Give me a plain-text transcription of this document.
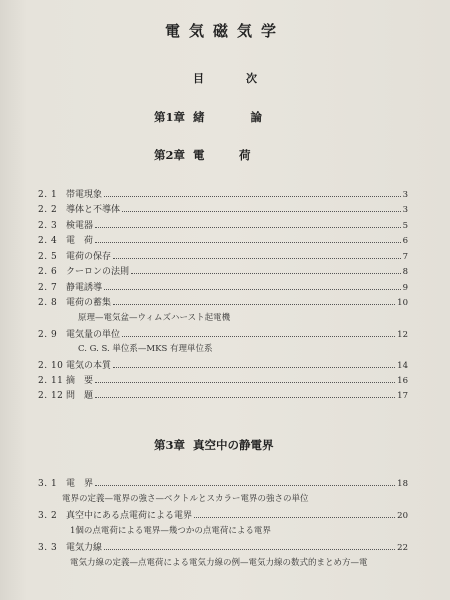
電気磁気学
目次
第1章 緒　　　　論
第2章 電　　　荷
2. 1 帯電現象	3
2. 2 導体と不導体	3
2. 3 検電器	5
2. 4 電　荷	6
2. 5 電荷の保存	7
2. 6 クーロンの法則	8
2. 7 静電誘導	9
2. 8 電荷の蓄集	10
原理—電気盆—ウィムズハースト起電機
2. 9 電気量の単位	12
C. G. S. 単位系—MKS 有理単位系
2. 10 電気の本質	14
2. 11 摘　要	16
2. 12 問　題	17
第3章 真空中の静電界
3. 1 電　界	18
電界の定義—電界の強さ—ベクトルとスカラー電界の強さの単位
3. 2 真空中にある点電荷による電界	20
1個の点電荷による電界—幾つかの点電荷による電界
3. 3 電気力線	22
電気力線の定義—点電荷による電気力線の例—電気力線の数式的まとめ方—電
